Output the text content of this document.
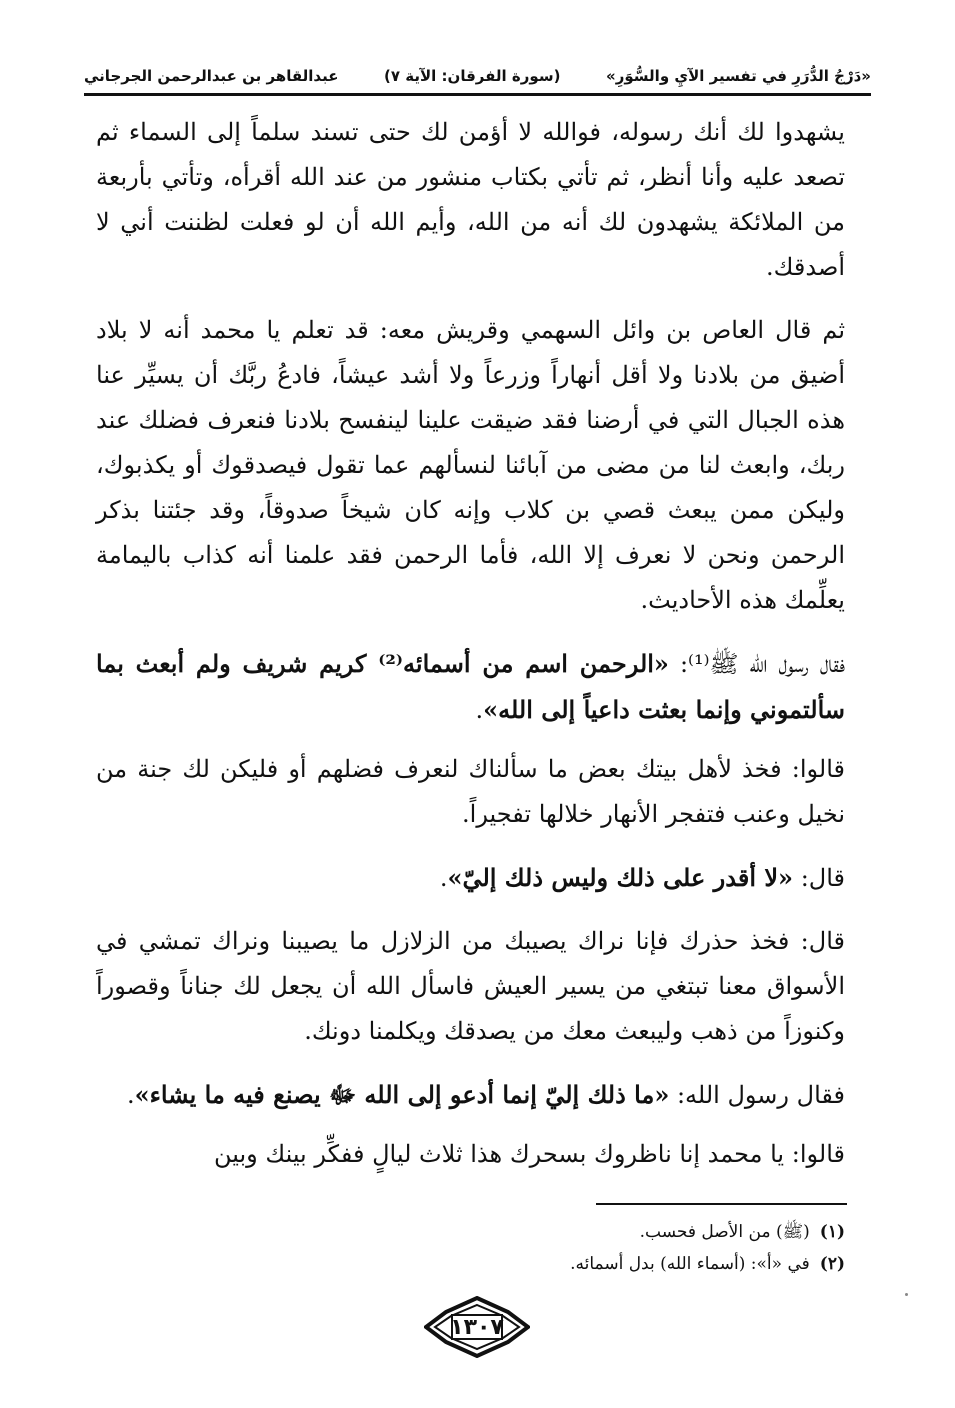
«دَرْجُ الدُّرَرِ في تفسير الآيِ والسُّوَرِ»
(سورة الفرقان: الآية ٧)
عبدالقاهر بن عبدالرحمن الجرجاني

يشهدوا لك أنك رسوله، فوالله لا أؤمن لك حتى تسند سلماً إلى السماء ثم تصعد عليه وأنا أنظر، ثم تأتي بكتاب منشور من عند الله أقرأه، وتأتي بأربعة من الملائكة يشهدون لك أنه من الله، وأيم الله أن لو فعلت لظننت أني لا أصدقك.

ثم قال العاص بن وائل السهمي وقريش معه: قد تعلم يا محمد أنه لا بلاد أضيق من بلادنا ولا أقل أنهاراً وزرعاً ولا أشد عيشاً، فادعُ ربَّك أن يسيِّر عنا هذه الجبال التي في أرضنا فقد ضيقت علينا لينفسح بلادنا فنعرف فضلك عند ربك، وابعث لنا من مضى من آبائنا لنسألهم عما تقول فيصدقوك أو يكذبوك، وليكن ممن يبعث قصي بن كلاب وإنه كان شيخاً صدوقاً، وقد جئتنا بذكر الرحمن ونحن لا نعرف إلا الله، فأما الرحمن فقد علمنا أنه كذاب باليمامة يعلِّمك هذه الأحاديث.

فقال رسول الله ﷺ⁽¹⁾: «الرحمن اسم من أسمائه⁽²⁾ كريم شريف ولم أبعث بما سألتموني وإنما بعثت داعياً إلى الله».

قالوا: فخذ لأهل بيتك بعض ما سألناك لنعرف فضلهم أو فليكن لك جنة من نخيل وعنب فتفجر الأنهار خلالها تفجيراً.

قال: «لا أقدر على ذلك وليس ذلك إليّ».

قال: فخذ حذرك فإنا نراك يصيبك من الزلازل ما يصيبنا ونراك تمشي في الأسواق معنا تبتغي من يسير العيش فاسأل الله أن يجعل لك جناناً وقصوراً وكنوزاً من ذهب وليبعث معك من يصدقك ويكلمنا دونك.

فقال رسول الله: «ما ذلك إليّ إنما أدعو إلى الله ﷻ يصنع فيه ما يشاء».

قالوا: يا محمد إنا ناظروك بسحرك هذا ثلاث ليالٍ ففكِّر بينك وبين

(١)(ﷺ) من الأصل فحسب.
(٢)في «أ»: (أسماء الله) بدل أسمائه.
١٣٠٧
